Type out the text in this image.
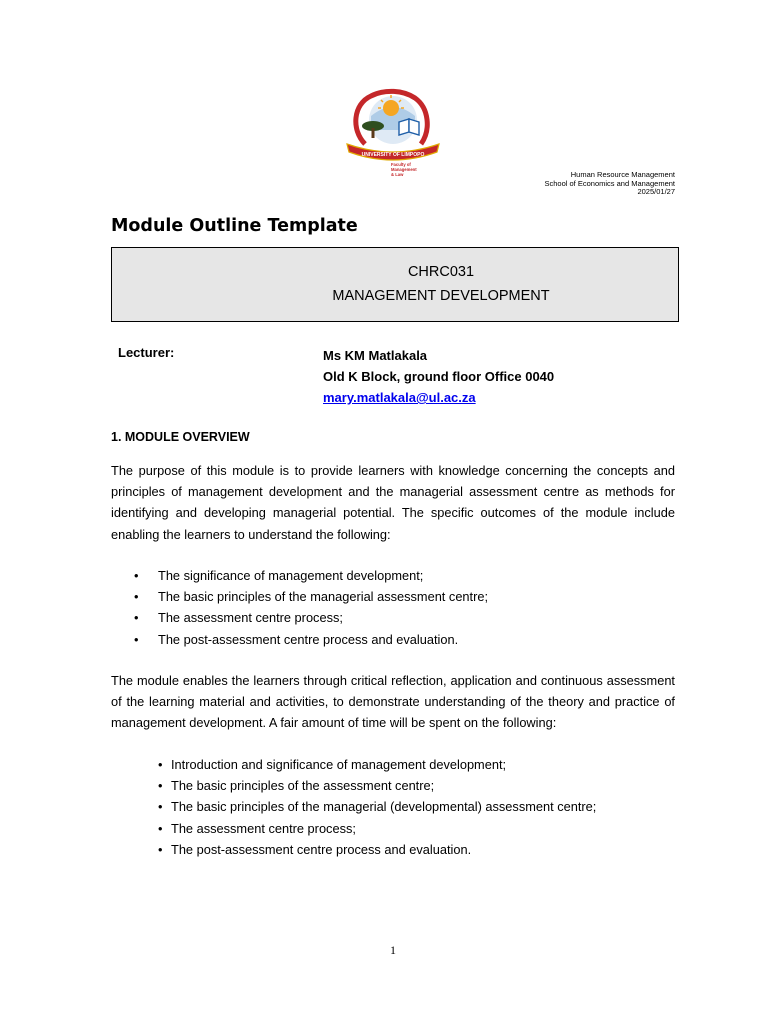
UNIVERSITY OF LIMPOPO
Faculty of
Management
& Law	Human Resource Management
School of Economics and Management
2025/01/27
Module Outline Template
CHRC031
MANAGEMENT DEVELOPMENT
Lecturer:	Ms KM Matlakala
Old K Block, ground floor Office 0040
mary.matlakala@ul.ac.za
1. MODULE OVERVIEW

The purpose of this module is to provide learners with knowledge concerning the concepts and principles of management development and the managerial assessment centre as methods for identifying and developing managerial potential. The specific outcomes of the module include enabling the learners to understand the following:

• The significance of management development;
• The basic principles of the managerial assessment centre;
• The assessment centre process;
• The post-assessment centre process and evaluation.

The module enables the learners through critical reflection, application and continuous assessment of the learning material and activities, to demonstrate understanding of the theory and practice of management development. A fair amount of time will be spent on the following:

• Introduction and significance of management development;
• The basic principles of the assessment centre;
• The basic principles of the managerial (developmental) assessment centre;
• The assessment centre process;
• The post-assessment centre process and evaluation.
1
